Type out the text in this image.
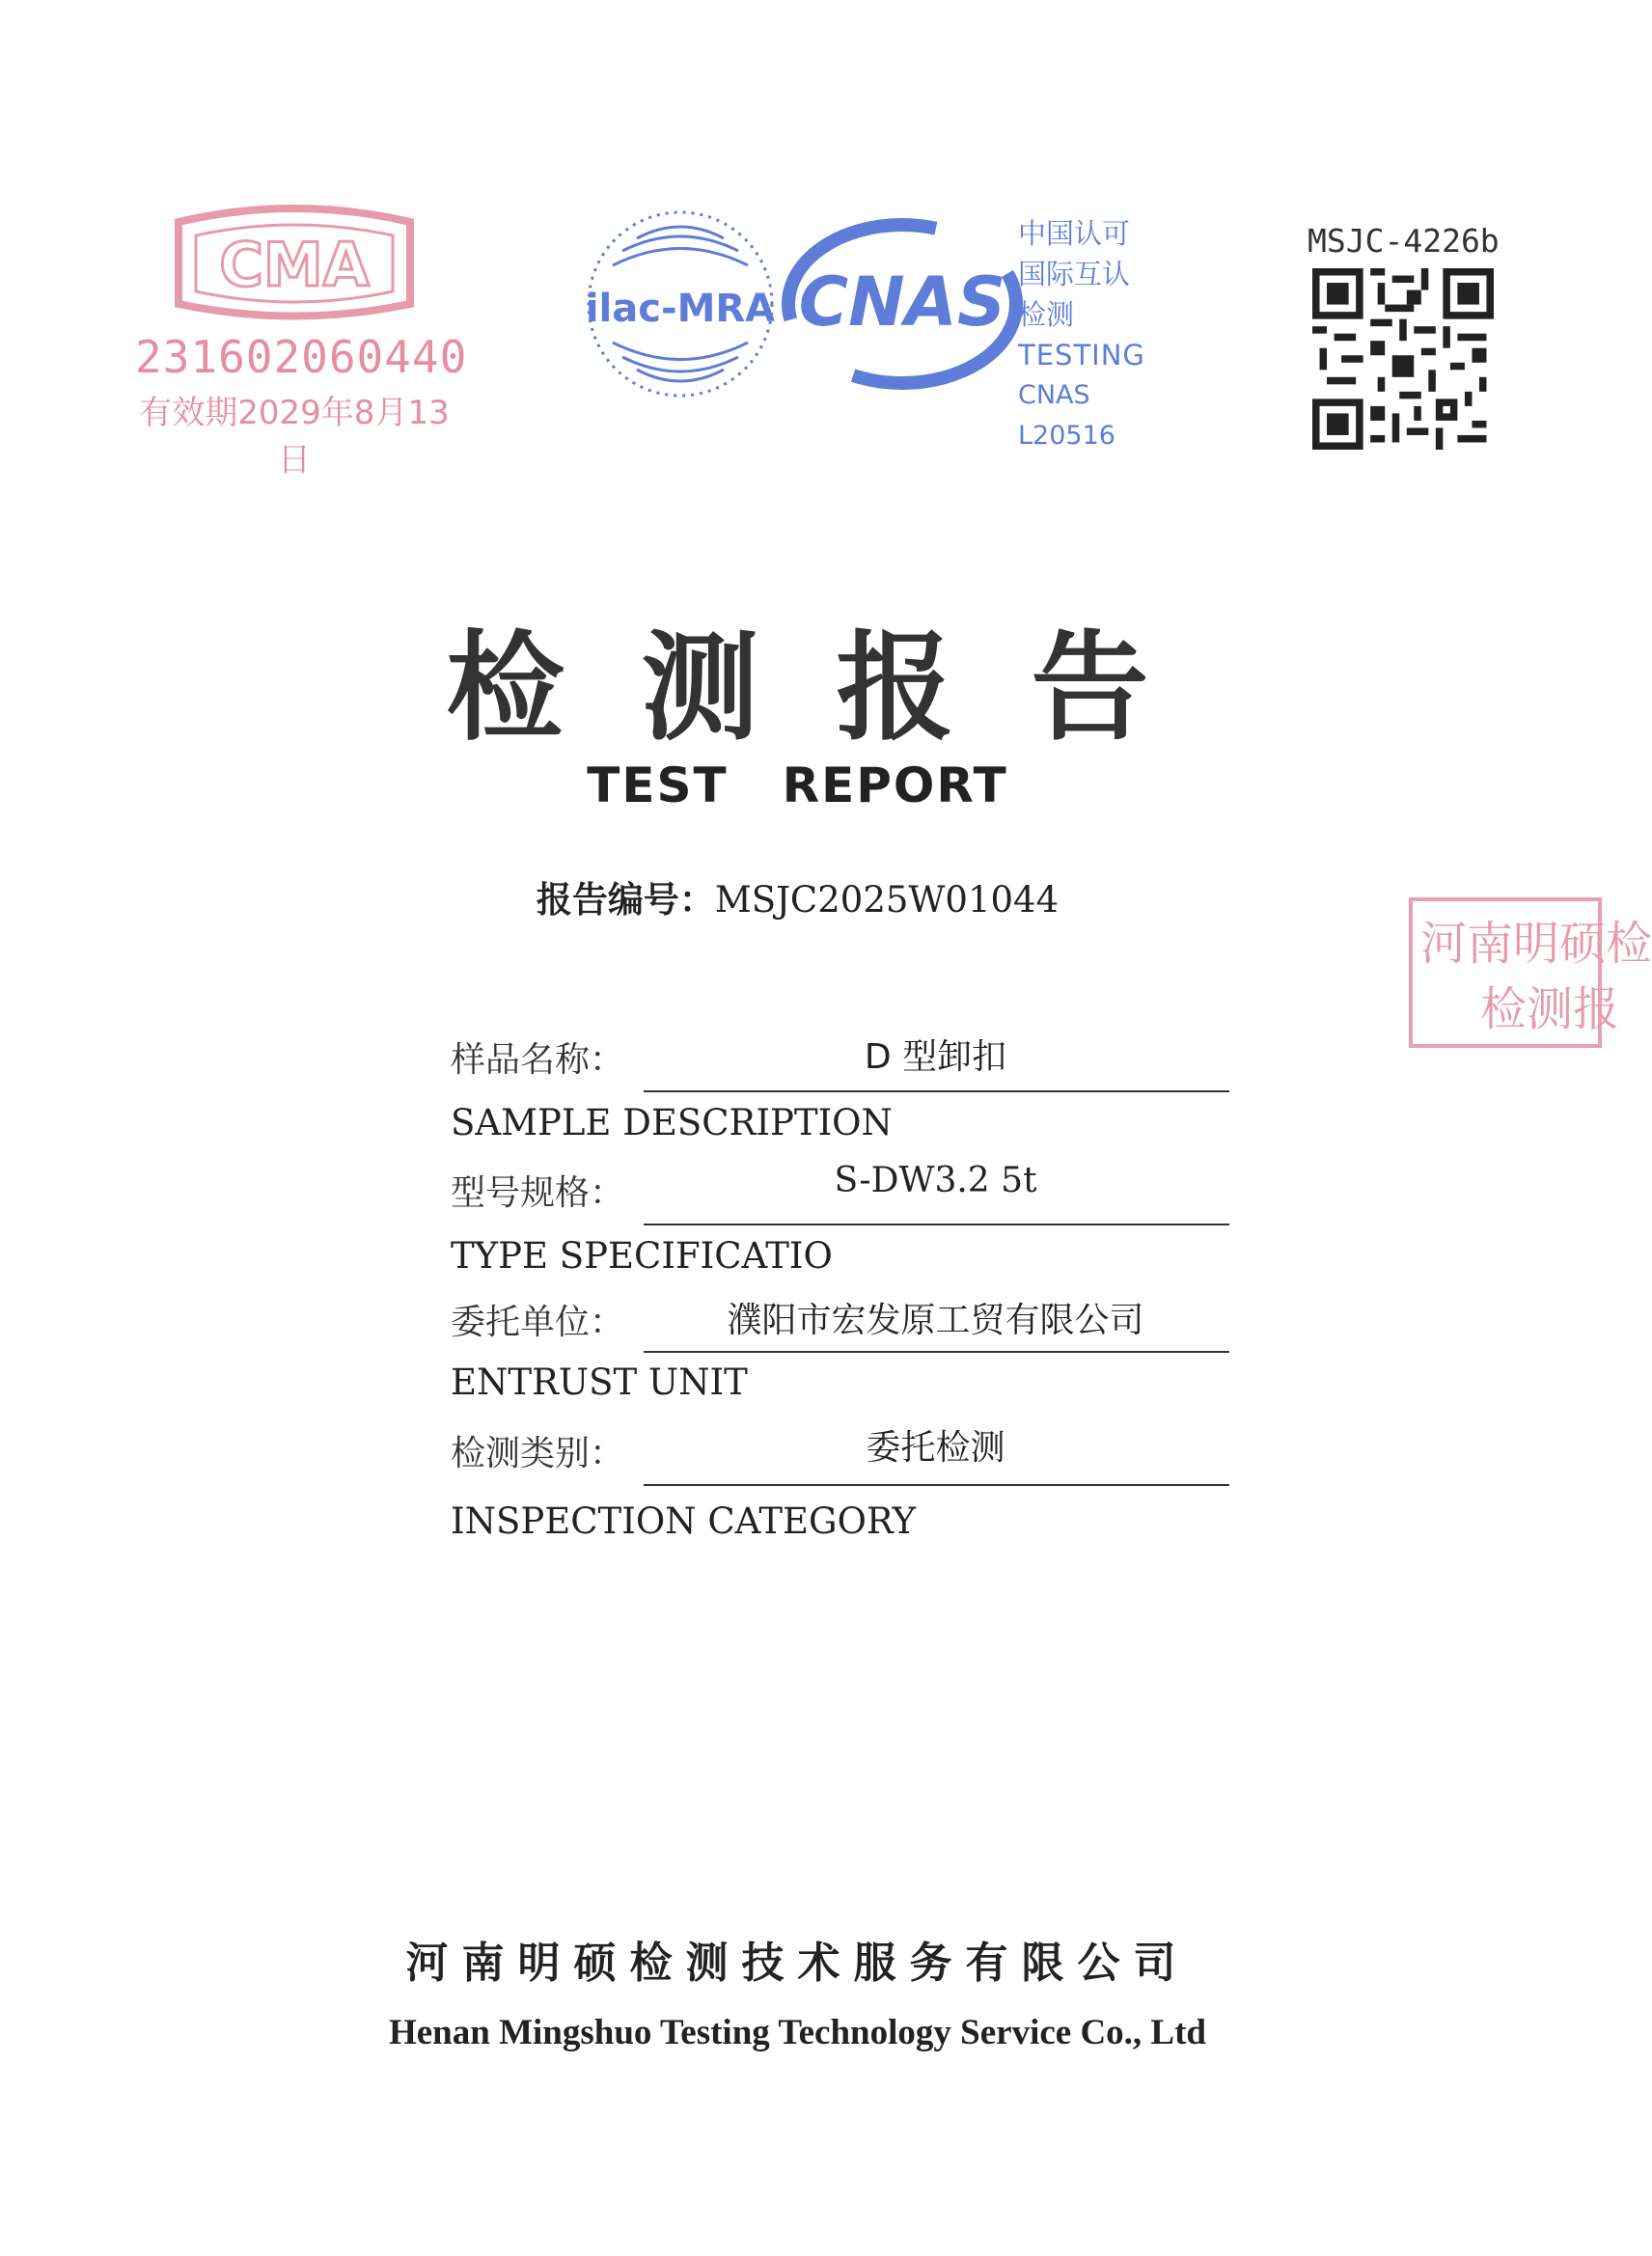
CMA
231602060440
有效期2029年8月13日
ilac-MRA CNAS
中国认可
国际互认
检测
TESTING
CNAS L20516
MSJC-4226b
河南明硕检
检测报
检测报告
TEST REPORT
报告编号：MSJC2025W01044
样品名称：	D 型卸扣
SAMPLE DESCRIPTION
型号规格：	S-DW3.2 5t
TYPE SPECIFICATIO
委托单位：	濮阳市宏发原工贸有限公司
ENTRUST UNIT
检测类别：	委托检测
INSPECTION CATEGORY
河南明硕检测技术服务有限公司
Henan Mingshuo Testing Technology Service Co., Ltd
